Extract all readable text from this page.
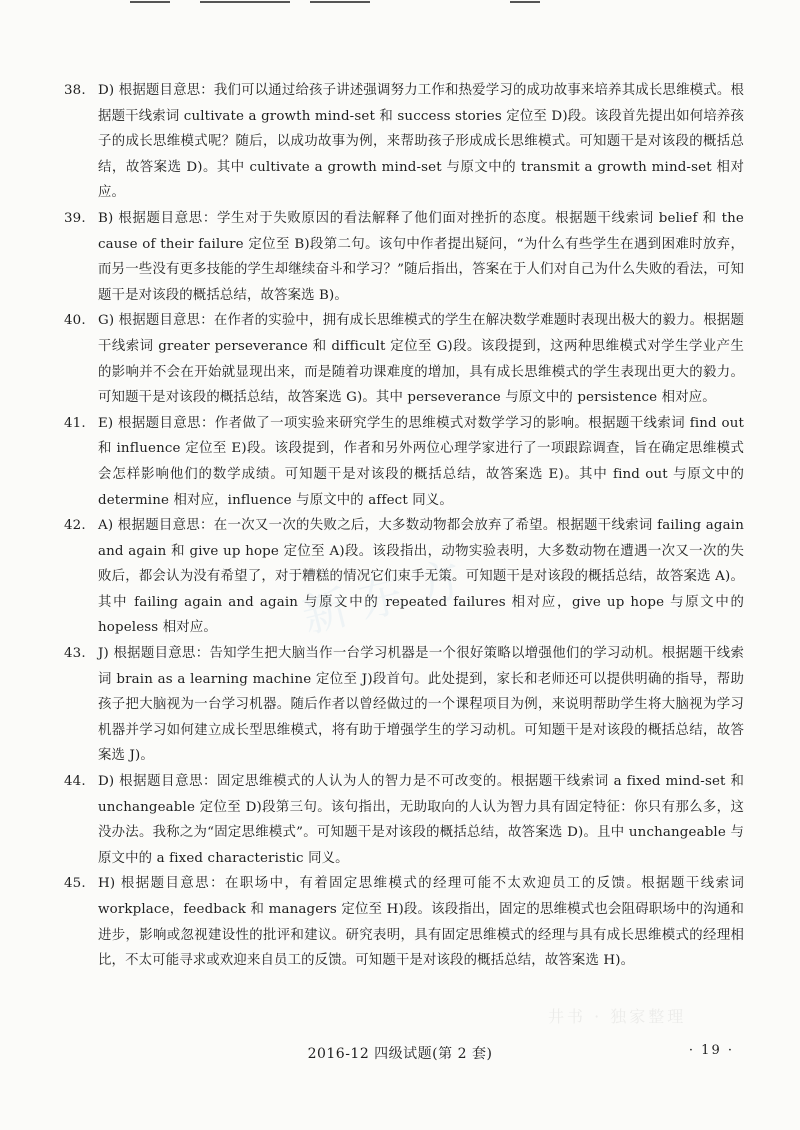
新东方
38. D) 根据题目意思：我们可以通过给孩子讲述强调努力工作和热爱学习的成功故事来培养其成长思维模式。根据题干线索词 cultivate a growth mind-set 和 success stories 定位至 D)段。该段首先提出如何培养孩子的成长思维模式呢？随后，以成功故事为例，来帮助孩子形成成长思维模式。可知题干是对该段的概括总结，故答案选 D)。其中 cultivate a growth mind-set 与原文中的 transmit a growth mind-set 相对应。
39. B) 根据题目意思：学生对于失败原因的看法解释了他们面对挫折的态度。根据题干线索词 belief 和 the cause of their failure 定位至 B)段第二句。该句中作者提出疑问，“为什么有些学生在遇到困难时放弃，而另一些没有更多技能的学生却继续奋斗和学习？”随后指出，答案在于人们对自己为什么失败的看法，可知题干是对该段的概括总结，故答案选 B)。
40. G) 根据题目意思：在作者的实验中，拥有成长思维模式的学生在解决数学难题时表现出极大的毅力。根据题干线索词 greater perseverance 和 difficult 定位至 G)段。该段提到，这两种思维模式对学生学业产生的影响并不会在开始就显现出来，而是随着功课难度的增加，具有成长思维模式的学生表现出更大的毅力。可知题干是对该段的概括总结，故答案选 G)。其中 perseverance 与原文中的 persistence 相对应。
41. E) 根据题目意思：作者做了一项实验来研究学生的思维模式对数学学习的影响。根据题干线索词 find out 和 influence 定位至 E)段。该段提到，作者和另外两位心理学家进行了一项跟踪调查，旨在确定思维模式会怎样影响他们的数学成绩。可知题干是对该段的概括总结，故答案选 E)。其中 find out 与原文中的 determine 相对应，influence 与原文中的 affect 同义。
42. A) 根据题目意思：在一次又一次的失败之后，大多数动物都会放弃了希望。根据题干线索词 failing again and again 和 give up hope 定位至 A)段。该段指出，动物实验表明，大多数动物在遭遇一次又一次的失败后，都会认为没有希望了，对于糟糕的情况它们束手无策。可知题干是对该段的概括总结，故答案选 A)。其中 failing again and again 与原文中的 repeated failures 相对应，give up hope 与原文中的 hopeless 相对应。
43. J) 根据题目意思：告知学生把大脑当作一台学习机器是一个很好策略以增强他们的学习动机。根据题干线索词 brain as a learning machine 定位至 J)段首句。此处提到，家长和老师还可以提供明确的指导，帮助孩子把大脑视为一台学习机器。随后作者以曾经做过的一个课程项目为例，来说明帮助学生将大脑视为学习机器并学习如何建立成长型思维模式，将有助于增强学生的学习动机。可知题干是对该段的概括总结，故答案选 J)。
44. D) 根据题目意思：固定思维模式的人认为人的智力是不可改变的。根据题干线索词 a fixed mind-set 和 unchangeable 定位至 D)段第三句。该句指出，无助取向的人认为智力具有固定特征：你只有那么多，这没办法。我称之为“固定思维模式”。可知题干是对该段的概括总结，故答案选 D)。且中 unchangeable 与原文中的 a fixed characteristic 同义。
45. H) 根据题目意思：在职场中，有着固定思维模式的经理可能不太欢迎员工的反馈。根据题干线索词 workplace，feedback 和 managers 定位至 H)段。该段指出，固定的思维模式也会阻碍职场中的沟通和进步，影响或忽视建设性的批评和建议。研究表明，具有固定思维模式的经理与具有成长思维模式的经理相比，不太可能寻求或欢迎来自员工的反馈。可知题干是对该段的概括总结，故答案选 H)。
井书 · 独家整理
2016-12 四级试题(第 2 套)	· 19 ·
